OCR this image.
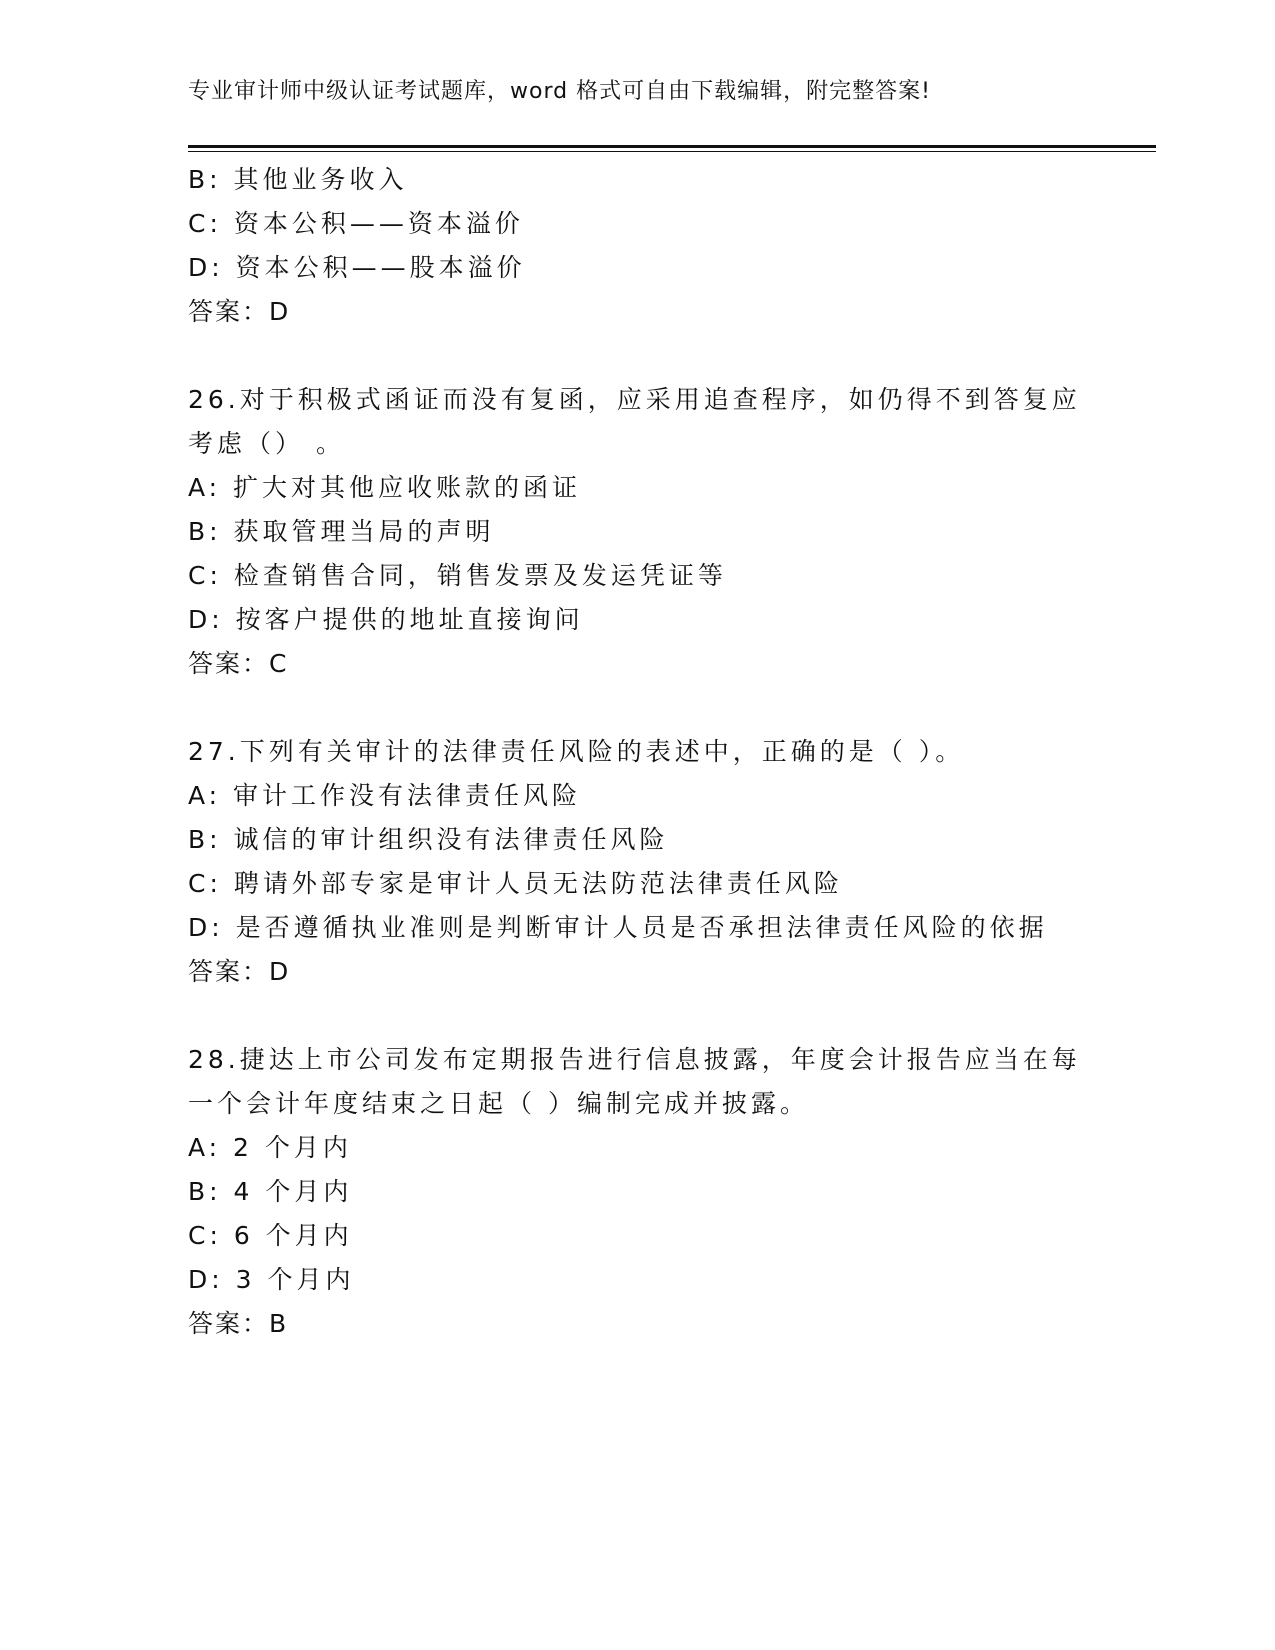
专业审计师中级认证考试题库，word 格式可自由下载编辑，附完整答案!
B: 其他业务收入
C: 资本公积——资本溢价
D: 资本公积——股本溢价
答案：D
26.对于积极式函证而没有复函，应采用追查程序，如仍得不到答复应
考虑（） 。
A: 扩大对其他应收账款的函证
B: 获取管理当局的声明
C: 检查销售合同，销售发票及发运凭证等
D: 按客户提供的地址直接询问
答案：C
27.下列有关审计的法律责任风险的表述中，正确的是（ ）。
A: 审计工作没有法律责任风险
B: 诚信的审计组织没有法律责任风险
C: 聘请外部专家是审计人员无法防范法律责任风险
D: 是否遵循执业准则是判断审计人员是否承担法律责任风险的依据
答案：D
28.捷达上市公司发布定期报告进行信息披露，年度会计报告应当在每
一个会计年度结束之日起（ ）编制完成并披露。
A: 2 个月内
B: 4 个月内
C: 6 个月内
D: 3 个月内
答案：B
